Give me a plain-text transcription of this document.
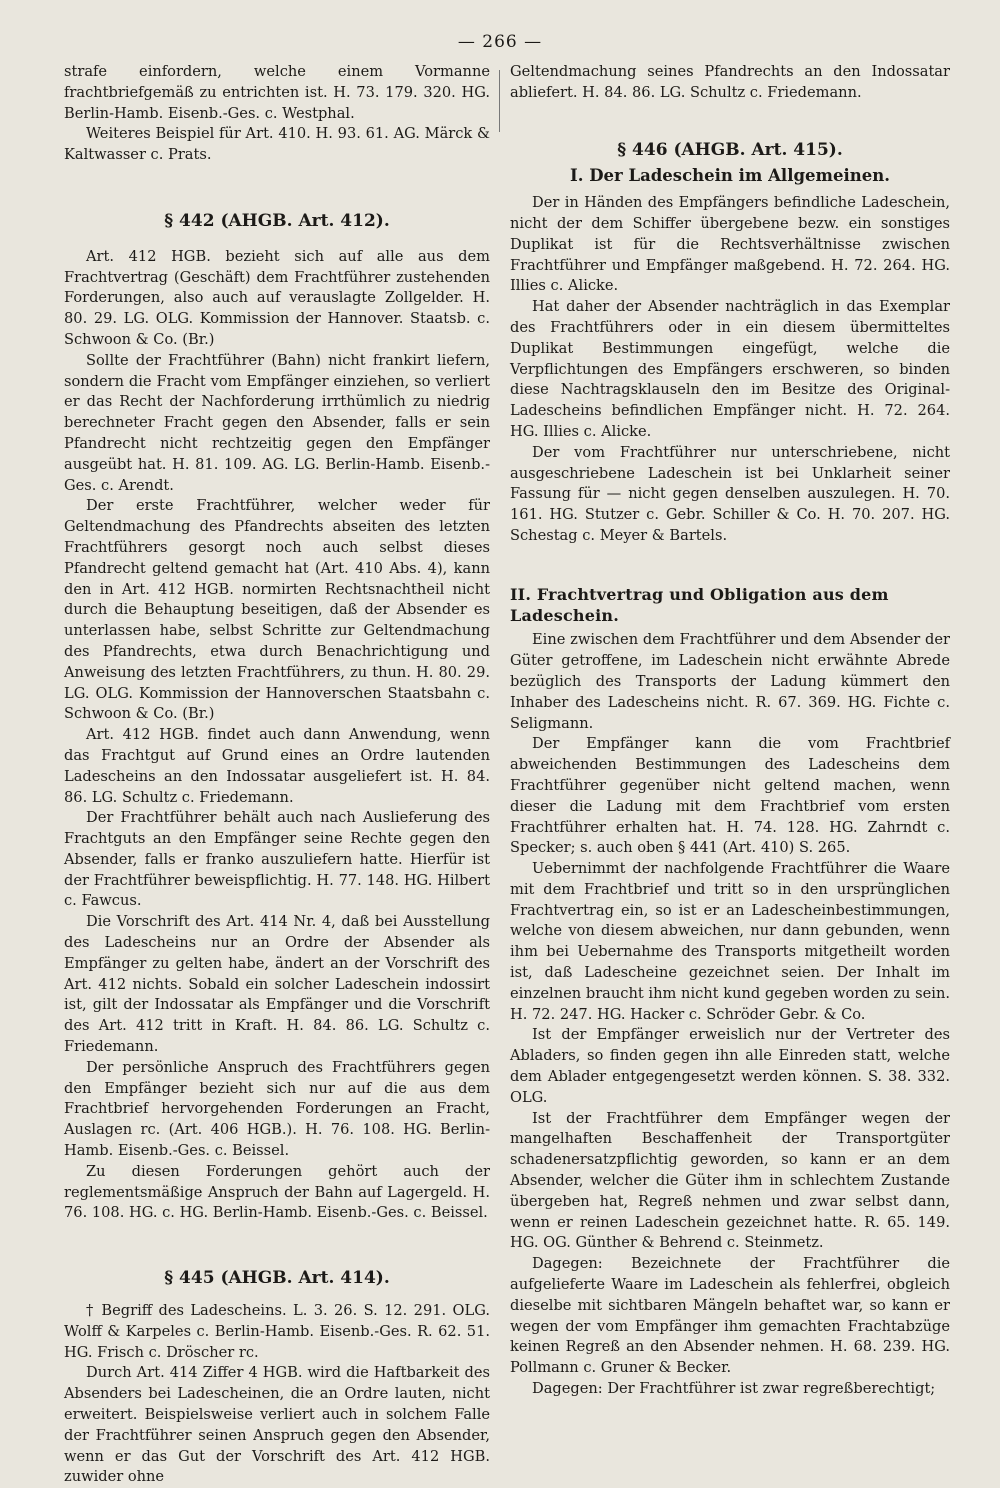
— 266 —

strafe einfordern, welche einem Vormanne frachtbriefgemäß zu entrichten ist. H. 73. 179. 320. HG. Berlin-Hamb. Eisenb.-Ges. c. Westphal.

Weiteres Beispiel für Art. 410. H. 93. 61. AG. Märck & Kaltwasser c. Prats.

§ 442 (AHGB. Art. 412).

Art. 412 HGB. bezieht sich auf alle aus dem Frachtvertrag (Geschäft) dem Frachtführer zustehenden Forderungen, also auch auf verauslagte Zollgelder. H. 80. 29. LG. OLG. Kommission der Hannover. Staatsb. c. Schwoon & Co. (Br.)

Sollte der Frachtführer (Bahn) nicht frankirt liefern, sondern die Fracht vom Empfänger einziehen, so verliert er das Recht der Nachforderung irrthümlich zu niedrig berechneter Fracht gegen den Absender, falls er sein Pfandrecht nicht rechtzeitig gegen den Empfänger ausgeübt hat. H. 81. 109. AG. LG. Berlin-Hamb. Eisenb.-Ges. c. Arendt.

Der erste Frachtführer, welcher weder für Geltendmachung des Pfandrechts abseiten des letzten Frachtführers gesorgt noch auch selbst dieses Pfandrecht geltend gemacht hat (Art. 410 Abs. 4), kann den in Art. 412 HGB. normirten Rechtsnachtheil nicht durch die Behauptung beseitigen, daß der Absender es unterlassen habe, selbst Schritte zur Geltendmachung des Pfandrechts, etwa durch Benachrichtigung und Anweisung des letzten Frachtführers, zu thun. H. 80. 29. LG. OLG. Kommission der Hannoverschen Staatsbahn c. Schwoon & Co. (Br.)

Art. 412 HGB. findet auch dann Anwendung, wenn das Frachtgut auf Grund eines an Ordre lautenden Ladescheins an den Indossatar ausgeliefert ist. H. 84. 86. LG. Schultz c. Friedemann.

Der Frachtführer behält auch nach Auslieferung des Frachtguts an den Empfänger seine Rechte gegen den Absender, falls er franko auszuliefern hatte. Hierfür ist der Frachtführer beweispflichtig. H. 77. 148. HG. Hilbert c. Fawcus.

Die Vorschrift des Art. 414 Nr. 4, daß bei Ausstellung des Ladescheins nur an Ordre der Absender als Empfänger zu gelten habe, ändert an der Vorschrift des Art. 412 nichts. Sobald ein solcher Ladeschein indossirt ist, gilt der Indossatar als Empfänger und die Vorschrift des Art. 412 tritt in Kraft. H. 84. 86. LG. Schultz c. Friedemann.

Der persönliche Anspruch des Frachtführers gegen den Empfänger bezieht sich nur auf die aus dem Frachtbrief hervorgehenden Forderungen an Fracht, Auslagen rc. (Art. 406 HGB.). H. 76. 108. HG. Berlin-Hamb. Eisenb.-Ges. c. Beissel.

Zu diesen Forderungen gehört auch der reglementsmäßige Anspruch der Bahn auf Lagergeld. H. 76. 108. HG. c. HG. Berlin-Hamb. Eisenb.-Ges. c. Beissel.

§ 445 (AHGB. Art. 414).

† Begriff des Ladescheins. L. 3. 26. S. 12. 291. OLG. Wolff & Karpeles c. Berlin-Hamb. Eisenb.-Ges. R. 62. 51. HG. Frisch c. Dröscher rc.

Durch Art. 414 Ziffer 4 HGB. wird die Haftbarkeit des Absenders bei Ladescheinen, die an Ordre lauten, nicht erweitert. Beispielsweise verliert auch in solchem Falle der Frachtführer seinen Anspruch gegen den Absender, wenn er das Gut der Vorschrift des Art. 412 HGB. zuwider ohne

Geltendmachung seines Pfandrechts an den Indossatar abliefert. H. 84. 86. LG. Schultz c. Friedemann.

§ 446 (AHGB. Art. 415).

I. Der Ladeschein im Allgemeinen.

Der in Händen des Empfängers befindliche Ladeschein, nicht der dem Schiffer übergebene bezw. ein sonstiges Duplikat ist für die Rechtsverhältnisse zwischen Frachtführer und Empfänger maßgebend. H. 72. 264. HG. Illies c. Alicke.

Hat daher der Absender nachträglich in das Exemplar des Frachtführers oder in ein diesem übermitteltes Duplikat Bestimmungen eingefügt, welche die Verpflichtungen des Empfängers erschweren, so binden diese Nachtragsklauseln den im Besitze des Original-Ladescheins befindlichen Empfänger nicht. H. 72. 264. HG. Illies c. Alicke.

Der vom Frachtführer nur unterschriebene, nicht ausgeschriebene Ladeschein ist bei Unklarheit seiner Fassung für — nicht gegen denselben auszulegen. H. 70. 161. HG. Stutzer c. Gebr. Schiller & Co. H. 70. 207. HG. Schestag c. Meyer & Bartels.

II. Frachtvertrag und Obligation aus dem Ladeschein.

Eine zwischen dem Frachtführer und dem Absender der Güter getroffene, im Ladeschein nicht erwähnte Abrede bezüglich des Transports der Ladung kümmert den Inhaber des Ladescheins nicht. R. 67. 369. HG. Fichte c. Seligmann.

Der Empfänger kann die vom Frachtbrief abweichenden Bestimmungen des Ladescheins dem Frachtführer gegenüber nicht geltend machen, wenn dieser die Ladung mit dem Frachtbrief vom ersten Frachtführer erhalten hat. H. 74. 128. HG. Zahrndt c. Specker; s. auch oben § 441 (Art. 410) S. 265.

Uebernimmt der nachfolgende Frachtführer die Waare mit dem Frachtbrief und tritt so in den ursprünglichen Frachtvertrag ein, so ist er an Ladescheinbestimmungen, welche von diesem abweichen, nur dann gebunden, wenn ihm bei Uebernahme des Transports mitgetheilt worden ist, daß Ladescheine gezeichnet seien. Der Inhalt im einzelnen braucht ihm nicht kund gegeben worden zu sein. H. 72. 247. HG. Hacker c. Schröder Gebr. & Co.

Ist der Empfänger erweislich nur der Vertreter des Abladers, so finden gegen ihn alle Einreden statt, welche dem Ablader entgegengesetzt werden können. S. 38. 332. OLG.

Ist der Frachtführer dem Empfänger wegen der mangelhaften Beschaffenheit der Transportgüter schadenersatzpflichtig geworden, so kann er an dem Absender, welcher die Güter ihm in schlechtem Zustande übergeben hat, Regreß nehmen und zwar selbst dann, wenn er reinen Ladeschein gezeichnet hatte. R. 65. 149. HG. OG. Günther & Behrend c. Steinmetz.

Dagegen: Bezeichnete der Frachtführer die aufgelieferte Waare im Ladeschein als fehlerfrei, obgleich dieselbe mit sichtbaren Mängeln behaftet war, so kann er wegen der vom Empfänger ihm gemachten Frachtabzüge keinen Regreß an den Absender nehmen. H. 68. 239. HG. Pollmann c. Gruner & Becker.

Dagegen: Der Frachtführer ist zwar regreßberechtigt;
